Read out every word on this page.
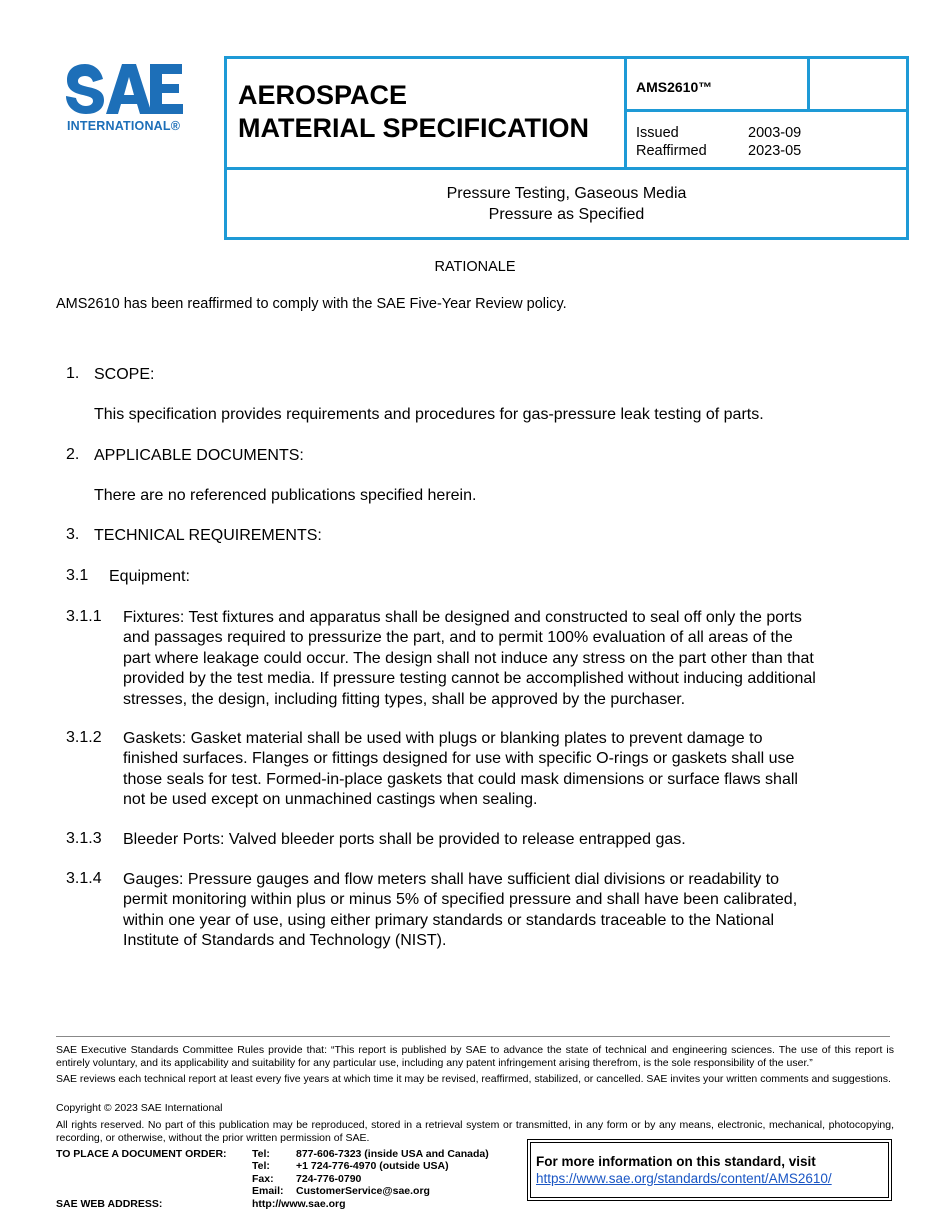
INTERNATIONAL®
AEROSPACE
MATERIAL SPECIFICATION
AMS2610™
Issued	2003-09
Reaffirmed	2023-05
Pressure Testing, Gaseous Media
Pressure as Specified
RATIONALE
AMS2610 has been reaffirmed to comply with the SAE Five-Year Review policy.
1. SCOPE:
This specification provides requirements and procedures for gas-pressure leak testing of parts.
2. APPLICABLE DOCUMENTS:
There are no referenced publications specified herein.
3. TECHNICAL REQUIREMENTS:
3.1 Equipment:
3.1.1 Fixtures: Test fixtures and apparatus shall be designed and constructed to seal off only the ports
and passages required to pressurize the part, and to permit 100% evaluation of all areas of the
part where leakage could occur. The design shall not induce any stress on the part other than that
provided by the test media. If pressure testing cannot be accomplished without inducing additional
stresses, the design, including fitting types, shall be approved by the purchaser.
3.1.2 Gaskets: Gasket material shall be used with plugs or blanking plates to prevent damage to
finished surfaces. Flanges or fittings designed for use with specific O-rings or gaskets shall use
those seals for test. Formed-in-place gaskets that could mask dimensions or surface flaws shall
not be used except on unmachined castings when sealing.
3.1.3 Bleeder Ports: Valved bleeder ports shall be provided to release entrapped gas.
3.1.4 Gauges: Pressure gauges and flow meters shall have sufficient dial divisions or readability to
permit monitoring within plus or minus 5% of specified pressure and shall have been calibrated,
within one year of use, using either primary standards or standards traceable to the National
Institute of Standards and Technology (NIST).
SAE Executive Standards Committee Rules provide that: “This report is published by SAE to advance the state of technical and engineering sciences. The use of this report is entirely voluntary, and its applicability and suitability for any particular use, including any patent infringement arising therefrom, is the sole responsibility of the user.”
SAE reviews each technical report at least every five years at which time it may be revised, reaffirmed, stabilized, or cancelled. SAE invites your written comments and suggestions.
Copyright © 2023 SAE International
All rights reserved. No part of this publication may be reproduced, stored in a retrieval system or transmitted, in any form or by any means, electronic, mechanical, photocopying, recording, or otherwise, without the prior written permission of SAE.
TO PLACE A DOCUMENT ORDER:
SAE WEB ADDRESS:
Tel: 877-606-7323 (inside USA and Canada)
Tel: +1 724-776-4970 (outside USA)
Fax: 724-776-0790
Email: CustomerService@sae.org
http://www.sae.org
For more information on this standard, visit
https://www.sae.org/standards/content/AMS2610/
